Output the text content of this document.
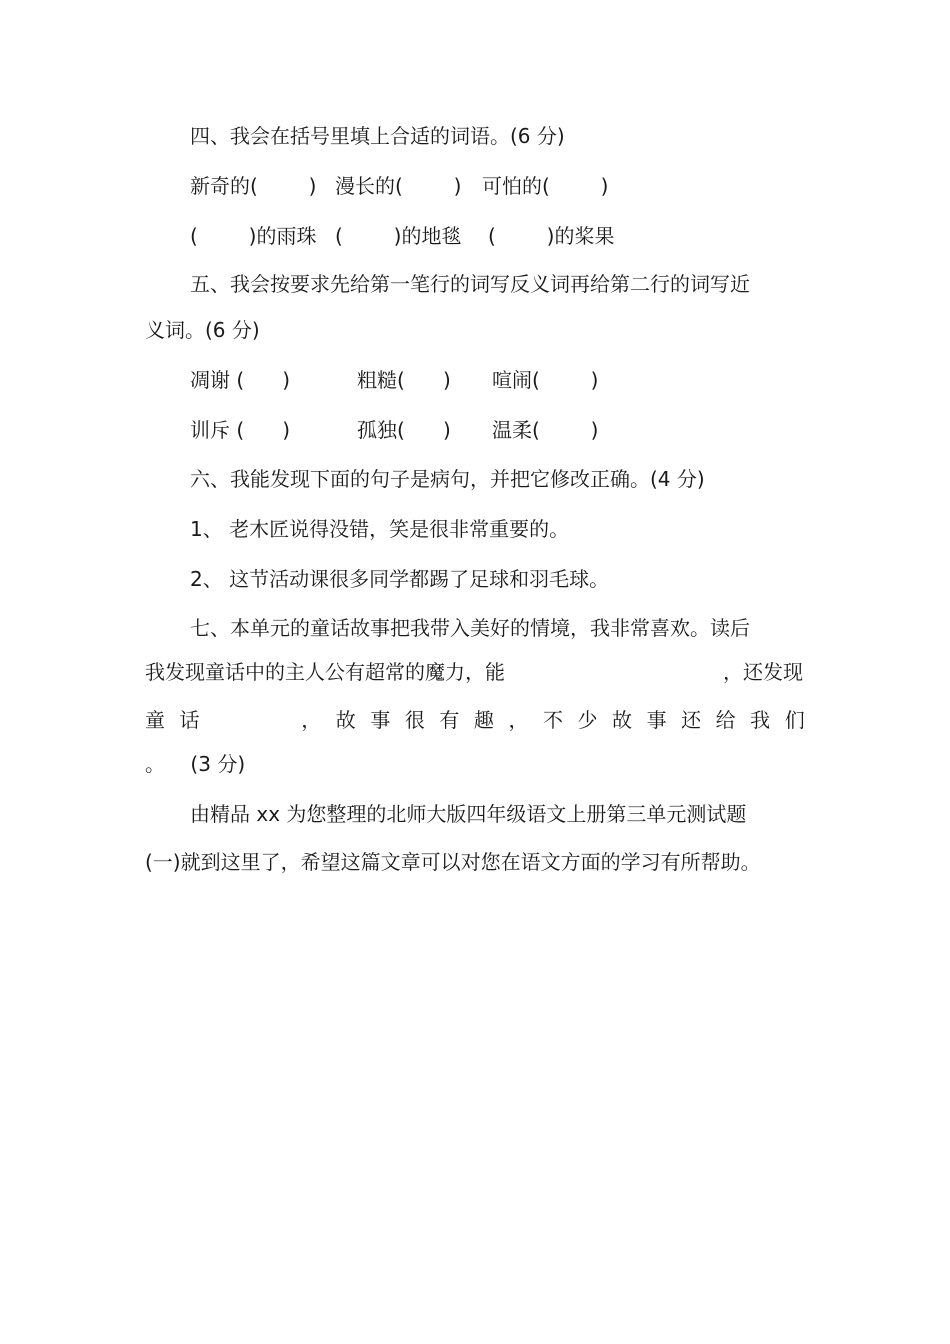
四、我会在括号里填上合适的词语。(6 分)
新奇的(        ) 漫长的(        ) 可怕的(        )
(        )的雨珠 (        )的地毯 (        )的桨果
五、我会按要求先给第一笔行的词写反义词再给第二行的词写近
义词。(6 分)
凋谢 (      )	粗糙(      ) 喧闹(        )
训斥 (      )	孤独(      ) 温柔(        )
六、我能发现下面的句子是病句，并把它修改正确。(4 分)
1、 老木匠说得没错，笑是很非常重要的。
2、 这节活动课很多同学都踢了足球和羽毛球。
七、本单元的童话故事把我带入美好的情境，我非常喜欢。读后
我发现童话中的主人公有超常的魔力，能	，还发现
童 话	， 故 事 很 有 趣 ， 不 少 故 事 还 给 我 们
。    (3 分)
由精品 xx 为您整理的北师大版四年级语文上册第三单元测试题
(一)就到这里了，希望这篇文章可以对您在语文方面的学习有所帮助。
